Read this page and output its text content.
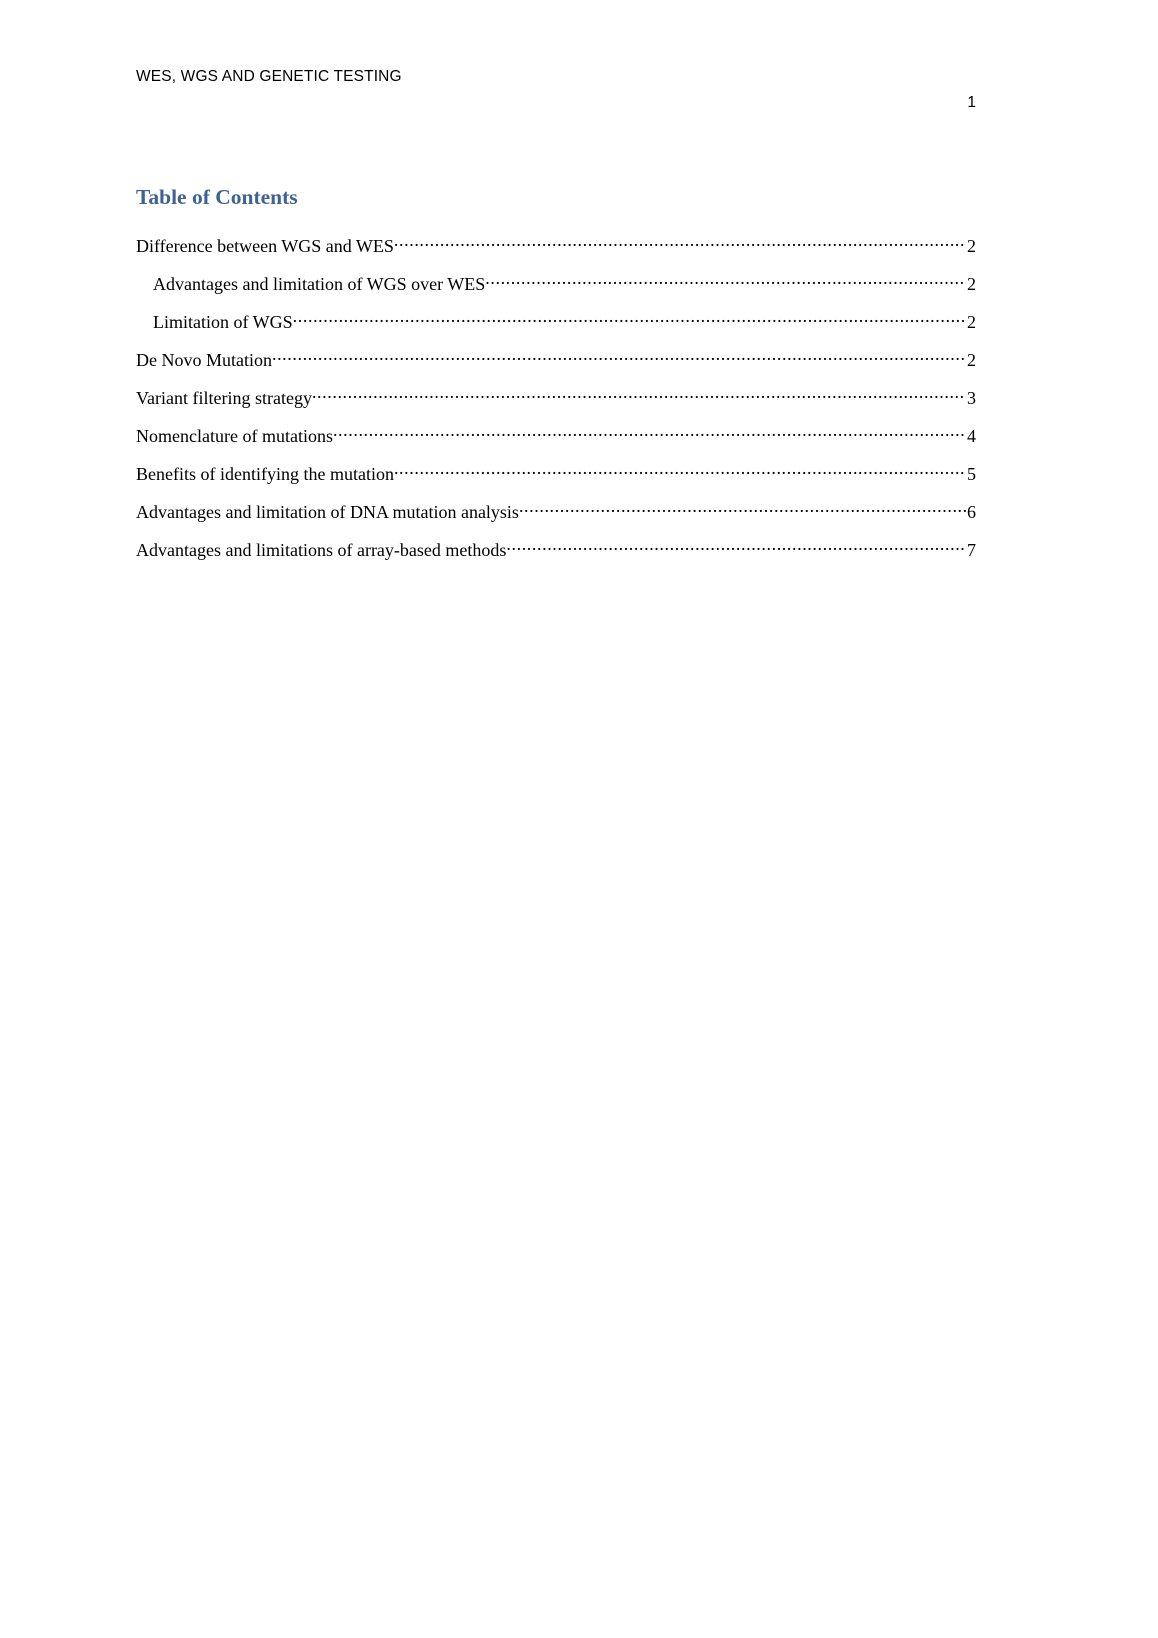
WES, WGS AND GENETIC TESTING
1
Table of Contents
Difference between WGS and WES .....	2
Advantages and limitation of WGS over WES .....	2
Limitation of WGS .....	2
De Novo Mutation .....	2
Variant filtering strategy .....	3
Nomenclature of mutations .....	4
Benefits of identifying the mutation .....	5
Advantages and limitation of DNA mutation analysis .....	6
Advantages and limitations of array-based methods .....	7
